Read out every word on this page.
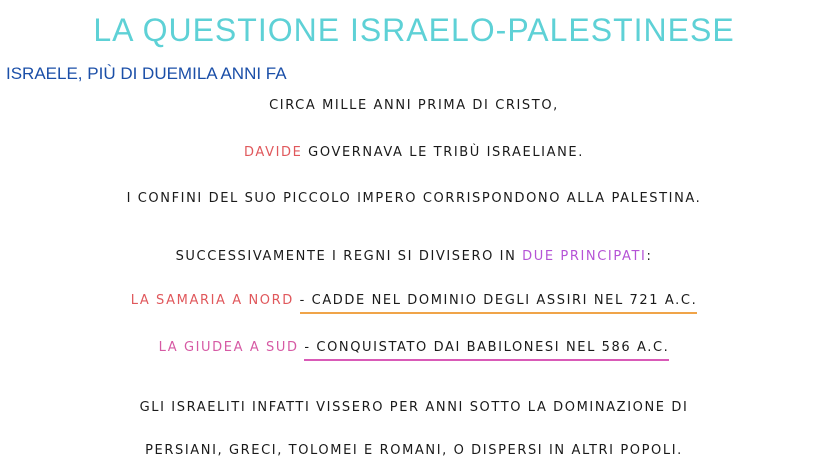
LA QUESTIONE ISRAELO-PALESTINESE
ISRAELE, PIÙ DI DUEMILA ANNI FA
CIRCA MILLE ANNI PRIMA DI CRISTO,
DAVIDE GOVERNAVA LE TRIBÙ ISRAELIANE.
I CONFINI DEL SUO PICCOLO IMPERO CORRISPONDONO ALLA PALESTINA.
SUCCESSIVAMENTE I REGNI SI DIVISERO IN DUE PRINCIPATI:
LA SAMARIA A NORD - CADDE NEL DOMINIO DEGLI ASSIRI NEL 721 A.C.
LA GIUDEA A SUD - CONQUISTATO DAI BABILONESI NEL 586 A.C.
GLI ISRAELITI INFATTI VISSERO PER ANNI SOTTO LA DOMINAZIONE DI
PERSIANI, GRECI, TOLOMEI E ROMANI, O DISPERSI IN ALTRI POPOLI.
